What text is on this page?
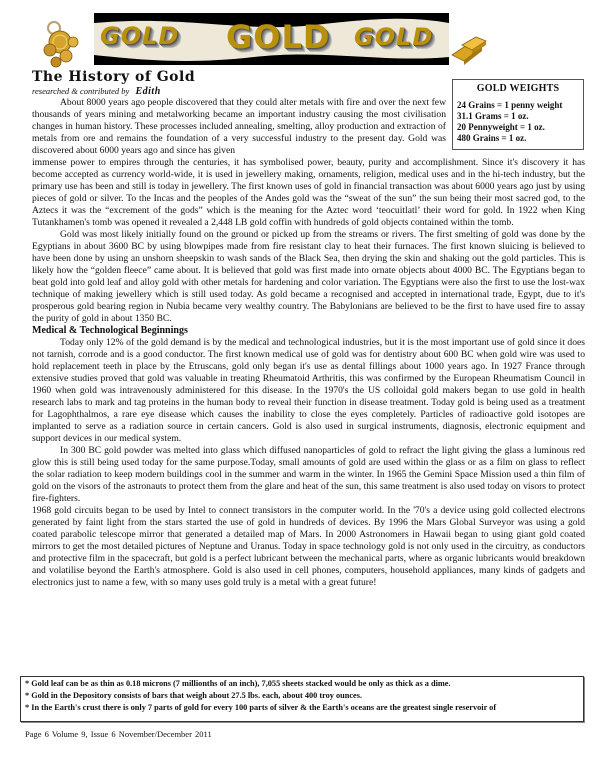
GOLD GOLD GOLD
The History of Gold
researched & contributed by Edith	GOLD WEIGHTS
24 Grains = 1 penny weight
31.1 Grams = 1 oz.
20 Pennyweight = 1 oz.
480 Grains = 1 oz.

About 8000 years ago people discovered that they could alter metals with fire and over the next few thousands of years mining and metalworking became an important industry causing the most civilisation changes in human history. These processes included annealing, smelting, alloy production and extraction of metals from ore and remains the foundation of a very successful industry to the present day. Gold was discovered about 6000 years ago and since has given

immense power to empires through the centuries, it has symbolised power, beauty, purity and accomplishment. Since it's discovery it has become accepted as currency world-wide, it is used in jewellery making, ornaments, religion, medical uses and in the hi-tech industry, but the primary use has been and still is today in jewellery. The first known uses of gold in financial transaction was about 6000 years ago just by using pieces of gold or silver. To the Incas and the peoples of the Andes gold was the “sweat of the sun” the sun being their most sacred god, to the Aztecs it was the “excrement of the gods” which is the meaning for the Aztec word ‘teocuitlatl’ their word for gold. In 1922 when King Tutankhamen's tomb was opened it revealed a 2,448 LB gold coffin with hundreds of gold objects contained within the tomb.

Gold was most likely initially found on the ground or picked up from the streams or rivers. The first smelting of gold was done by the Egyptians in about 3600 BC by using blowpipes made from fire resistant clay to heat their furnaces. The first known sluicing is believed to have been done by using an unshorn sheepskin to wash sands of the Black Sea, then drying the skin and shaking out the gold particles. This is likely how the “golden fleece” came about. It is believed that gold was first made into ornate objects about 4000 BC. The Egyptians began to beat gold into gold leaf and alloy gold with other metals for hardening and color variation. The Egyptians were also the first to use the lost-wax technique of making jewellery which is still used today. As gold became a recognised and accepted in international trade, Egypt, due to it's prosperous gold bearing region in Nubia became very wealthy country. The Babylonians are believed to be the first to have used fire to assay the purity of gold in about 1350 BC.

Medical & Technological Beginnings

Today only 12% of the gold demand is by the medical and technological industries, but it is the most important use of gold since it does not tarnish, corrode and is a good conductor. The first known medical use of gold was for dentistry about 600 BC when gold wire was used to hold replacement teeth in place by the Etruscans, gold only began it's use as dental fillings about 1000 years ago. In 1927 France through extensive studies proved that gold was valuable in treating Rheumatoid Arthritis, this was confirmed by the European Rheumatism Council in 1960 when gold was intravenously administered for this disease. In the 1970's the US colloidal gold makers began to use gold in health research labs to mark and tag proteins in the human body to reveal their function in disease treatment. Today gold is being used as a treatment for Lagophthalmos, a rare eye disease which causes the inability to close the eyes completely. Particles of radioactive gold isotopes are implanted to serve as a radiation source in certain cancers. Gold is also used in surgical instruments, diagnosis, electronic equipment and support devices in our medical system.

In 300 BC gold powder was melted into glass which diffused nanoparticles of gold to refract the light giving the glass a luminous red glow this is still being used today for the same purpose.Today, small amounts of gold are used within the glass or as a film on glass to reflect the solar radiation to keep modern buildings cool in the summer and warm in the winter. In 1965 the Gemini Space Mission used a thin film of gold on the visors of the astronauts to protect them from the glare and heat of the sun, this same treatment is also used today on visors to protect fire-fighters.

1968 gold circuits began to be used by Intel to connect transistors in the computer world. In the '70's a device using gold collected electrons generated by faint light from the stars started the use of gold in hundreds of devices. By 1996 the Mars Global Surveyor was using a gold coated parabolic telescope mirror that generated a detailed map of Mars. In 2000 Astronomers in Hawaii began to using giant gold coated mirrors to get the most detailed pictures of Neptune and Uranus. Today in space technology gold is not only used in the circuitry, as conductors and protective film in the spacecraft, but gold is a perfect lubricant between the mechanical parts, where as organic lubricants would breakdown and volatilise beyond the Earth's atmosphere. Gold is also used in cell phones, computers, household appliances, many kinds of gadgets and electronics just to name a few, with so many uses gold truly is a metal with a great future!

* Gold leaf can be as thin as 0.18 microns (7 millionths of an inch), 7,055 sheets stacked would be only as thick as a dime.
* Gold in the Depository consists of bars that weigh about 27.5 lbs. each, about 400 troy ounces.
* In the Earth's crust there is only 7 parts of gold for every 100 parts of silver & the Earth's oceans are the greatest single reservoir of
Page 6 Volume 9, Issue 6 November/December 2011
